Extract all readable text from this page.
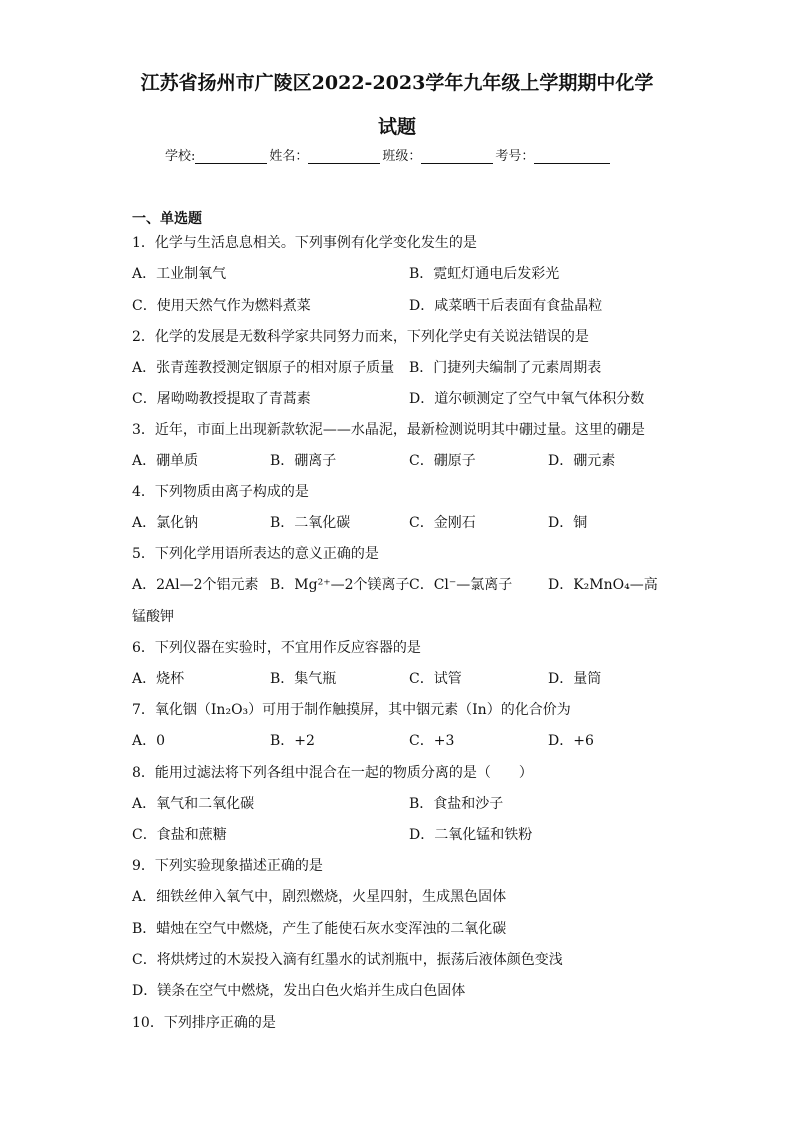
江苏省扬州市广陵区2022-2023学年九年级上学期期中化学
试题
学校:	姓名：	班级：	考号：
一、单选题
1．化学与生活息息相关。下列事例有化学变化发生的是
A．工业制氧气	B．霓虹灯通电后发彩光
C．使用天然气作为燃料煮菜	D．咸菜晒干后表面有食盐晶粒
2．化学的发展是无数科学家共同努力而来，下列化学史有关说法错误的是
A．张青莲教授测定铟原子的相对原子质量 B．门捷列夫编制了元素周期表
C．屠呦呦教授提取了青蒿素	D．道尔顿测定了空气中氧气体积分数
3．近年，市面上出现新款软泥——水晶泥，最新检测说明其中硼过量。这里的硼是
A．硼单质	B．硼离子	C．硼原子	D．硼元素
4．下列物质由离子构成的是
A．氯化钠	B．二氧化碳	C．金刚石	D．铜
5．下列化学用语所表达的意义正确的是
A．2Al—2个铝元素 B．Mg²⁺—2个镁离子 C．Cl⁻—氯离子	D．K₂MnO₄—高
锰酸钾
6．下列仪器在实验时，不宜用作反应容器的是
A．烧杯	B．集气瓶	C．试管	D．量筒
7．氧化铟（In₂O₃）可用于制作触摸屏，其中铟元素（In）的化合价为
A．0	B．+2	C．+3	D．+6
8．能用过滤法将下列各组中混合在一起的物质分离的是（　　）
A．氧气和二氧化碳	B．食盐和沙子
C．食盐和蔗糖	D．二氧化锰和铁粉
9．下列实验现象描述正确的是
A．细铁丝伸入氧气中，剧烈燃烧，火星四射，生成黑色固体
B．蜡烛在空气中燃烧，产生了能使石灰水变浑浊的二氧化碳
C．将烘烤过的木炭投入滴有红墨水的试剂瓶中，振荡后液体颜色变浅
D．镁条在空气中燃烧，发出白色火焰并生成白色固体
10．下列排序正确的是
